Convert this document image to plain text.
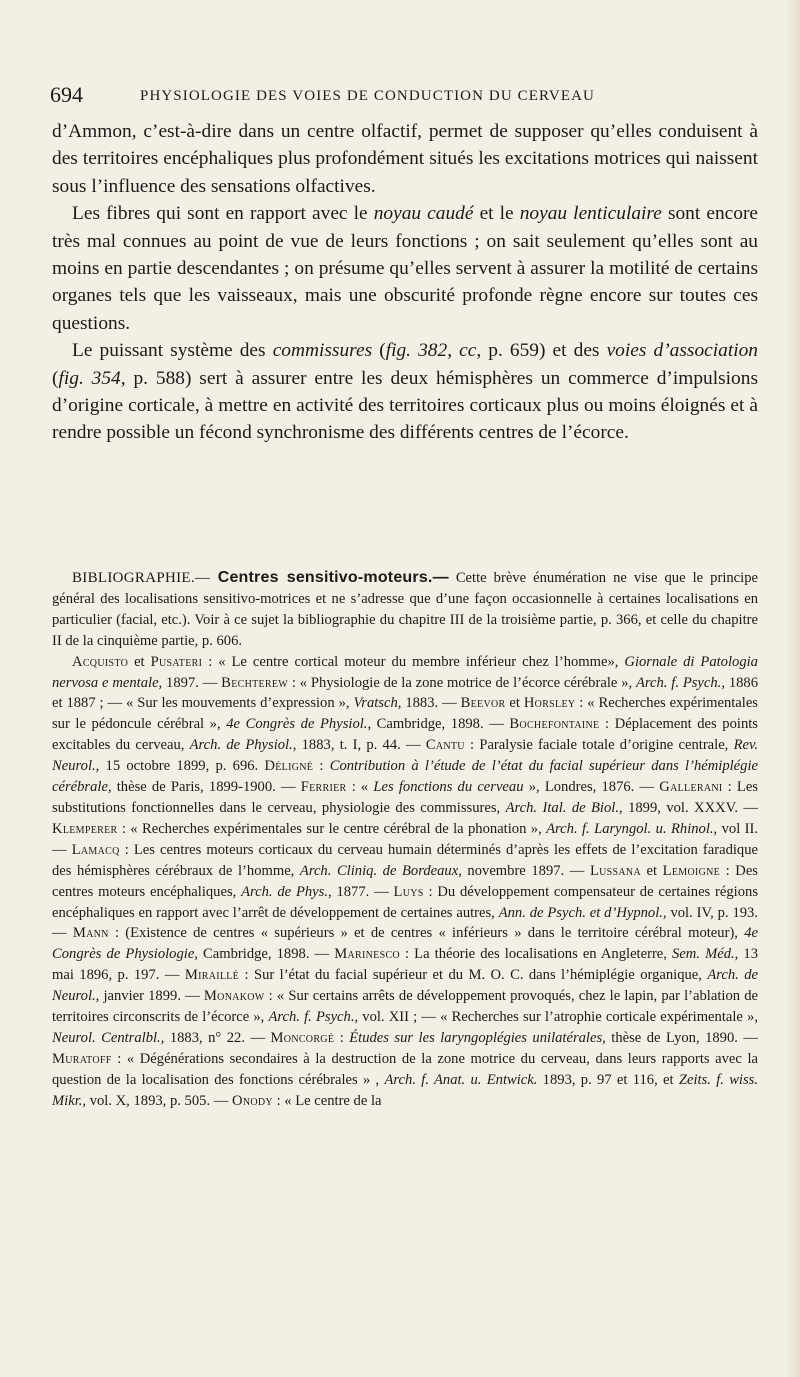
694	PHYSIOLOGIE DES VOIES DE CONDUCTION DU CERVEAU

d’Ammon, c’est-à-dire dans un centre olfactif, permet de supposer qu’elles conduisent à des territoires encéphaliques plus profondément situés les excitations motrices qui naissent sous l’influence des sensations olfactives.

Les fibres qui sont en rapport avec le noyau caudé et le noyau lenticulaire sont encore très mal connues au point de vue de leurs fonctions ; on sait seulement qu’elles sont au moins en partie descendantes ; on présume qu’elles servent à assurer la motilité de certains organes tels que les vaisseaux, mais une obscurité profonde règne encore sur toutes ces questions.

Le puissant système des commissures (fig. 382, cc, p. 659) et des voies d’association (fig. 354, p. 588) sert à assurer entre les deux hémisphères un commerce d’impulsions d’origine corticale, à mettre en activité des territoires corticaux plus ou moins éloignés et à rendre possible un fécond synchronisme des différents centres de l’écorce.

BIBLIOGRAPHIE.— Centres sensitivo-moteurs.— Cette brève énumération ne vise que le principe général des localisations sensitivo-motrices et ne s’adresse que d’une façon occasionnelle à certaines localisations en particulier (facial, etc.). Voir à ce sujet la bibliographie du chapitre III de la troisième partie, p. 366, et celle du chapitre II de la cinquième partie, p. 606.

Acquisto et Pusateri : « Le centre cortical moteur du membre inférieur chez l’homme», Giornale di Patologia nervosa e mentale, 1897. — Bechterew : « Physiologie de la zone motrice de l’écorce cérébrale », Arch. f. Psych., 1886 et 1887 ; — « Sur les mouvements d’expression », Vratsch, 1883. — Beevor et Horsley : « Recherches expérimentales sur le pédoncule cérébral », 4e Congrès de Physiol., Cambridge, 1898. — Bochefontaine : Déplacement des points excitables du cerveau, Arch. de Physiol., 1883, t. I, p. 44. — Cantu : Paralysie faciale totale d’origine centrale, Rev. Neurol., 15 octobre 1899, p. 696. Déligné : Contribution à l’étude de l’état du facial supérieur dans l’hémiplégie cérébrale, thèse de Paris, 1899-1900. — Ferrier : « Les fonctions du cerveau », Londres, 1876. — Gallerani : Les substitutions fonctionnelles dans le cerveau, physiologie des commissures, Arch. Ital. de Biol., 1899, vol. XXXV. — Klemperer : « Recherches expérimentales sur le centre cérébral de la phonation », Arch. f. Laryngol. u. Rhinol., vol II. — Lamacq : Les centres moteurs corticaux du cerveau humain déterminés d’après les effets de l’excitation faradique des hémisphères cérébraux de l’homme, Arch. Cliniq. de Bordeaux, novembre 1897. — Lussana et Lemoigne : Des centres moteurs encéphaliques, Arch. de Phys., 1877. — Luys : Du développement compensateur de certaines régions encéphaliques en rapport avec l’arrêt de développement de certaines autres, Ann. de Psych. et d’Hypnol., vol. IV, p. 193. — Mann : (Existence de centres « supérieurs » et de centres « inférieurs » dans le territoire cérébral moteur), 4e Congrès de Physiologie, Cambridge, 1898. — Marinesco : La théorie des localisations en Angleterre, Sem. Méd., 13 mai 1896, p. 197. — Miraillé : Sur l’état du facial supérieur et du M. O. C. dans l’hémiplégie organique, Arch. de Neurol., janvier 1899. — Monakow : « Sur certains arrêts de développement provoqués, chez le lapin, par l’ablation de territoires circonscrits de l’écorce », Arch. f. Psych., vol. XII ; — « Recherches sur l’atrophie corticale expérimentale », Neurol. Centralbl., 1883, n° 22. — Moncorgé : Études sur les laryngoplégies unilatérales, thèse de Lyon, 1890. — Muratoff : « Dégénérations secondaires à la destruction de la zone motrice du cerveau, dans leurs rapports avec la question de la localisation des fonctions cérébrales » , Arch. f. Anat. u. Entwick. 1893, p. 97 et 116, et Zeits. f. wiss. Mikr., vol. X, 1893, p. 505. — Onody : « Le centre de la
